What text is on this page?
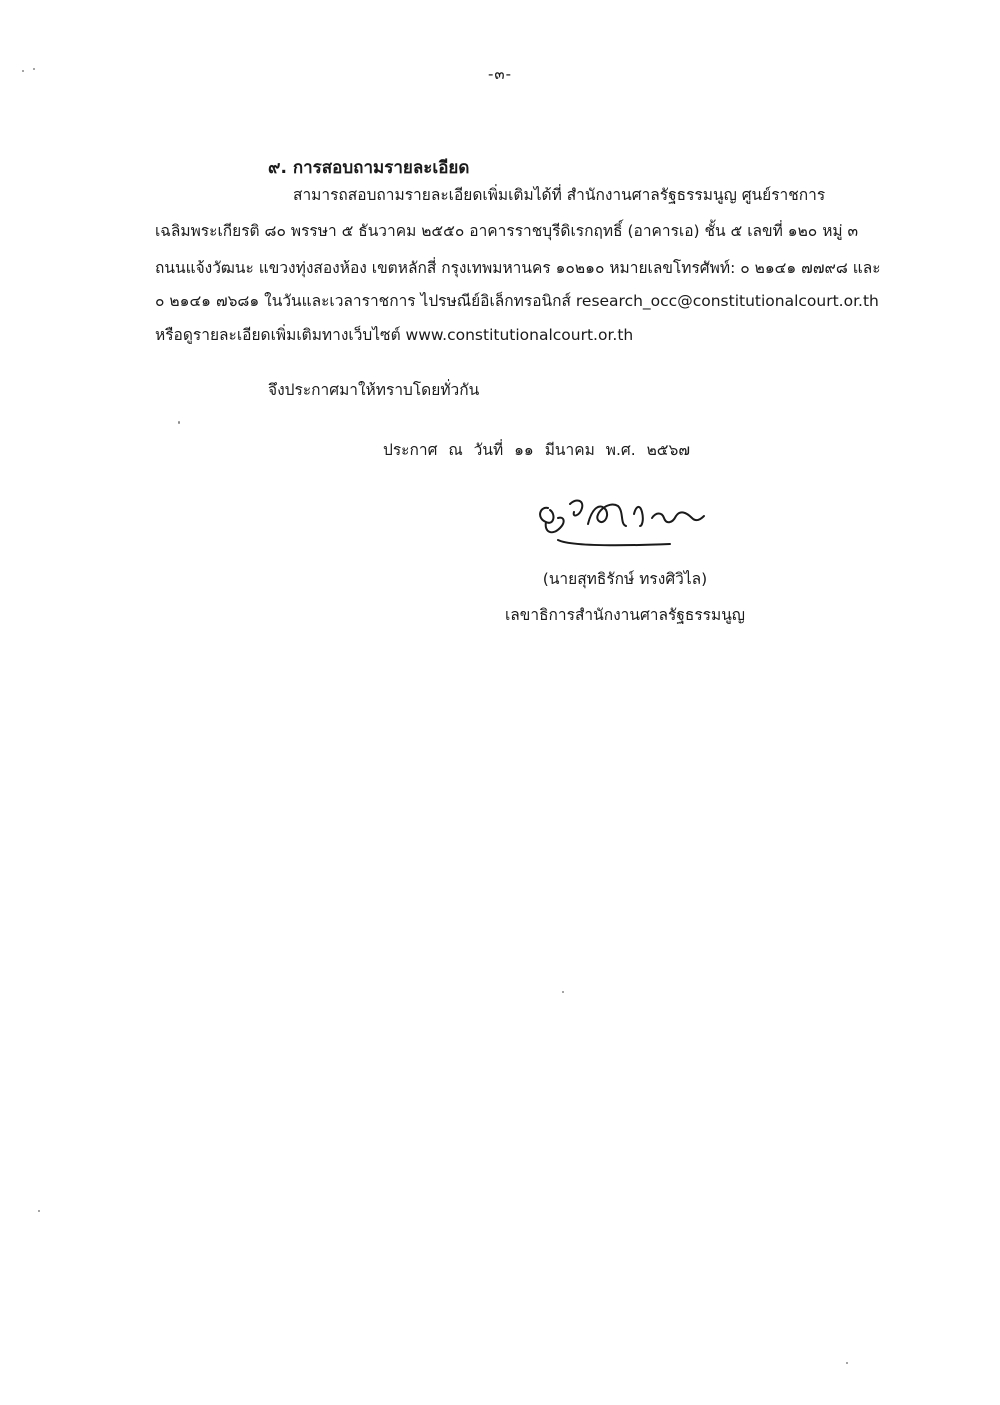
-๓-
๙. การสอบถามรายละเอียด
สามารถสอบถามรายละเอียดเพิ่มเติมได้ที่ สำนักงานศาลรัฐธรรมนูญ ศูนย์ราชการ
เฉลิมพระเกียรติ ๘๐ พรรษา ๕ ธันวาคม ๒๕๕๐ อาคารราชบุรีดิเรกฤทธิ์ (อาคารเอ) ชั้น ๕ เลขที่ ๑๒๐ หมู่ ๓
ถนนแจ้งวัฒนะ แขวงทุ่งสองห้อง เขตหลักสี่ กรุงเทพมหานคร ๑๐๒๑๐ หมายเลขโทรศัพท์: ๐ ๒๑๔๑ ๗๗๙๘ และ
๐ ๒๑๔๑ ๗๖๘๑ ในวันและเวลาราชการ ไปรษณีย์อิเล็กทรอนิกส์ research_occ@constitutionalcourt.or.th
หรือดูรายละเอียดเพิ่มเติมทางเว็บไซต์ www.constitutionalcourt.or.th
จึงประกาศมาให้ทราบโดยทั่วกัน
ประกาศ ณ วันที่ ๑๑ มีนาคม พ.ศ. ๒๕๖๗
(นายสุทธิรักษ์ ทรงศิวิไล)
เลขาธิการสำนักงานศาลรัฐธรรมนูญ
